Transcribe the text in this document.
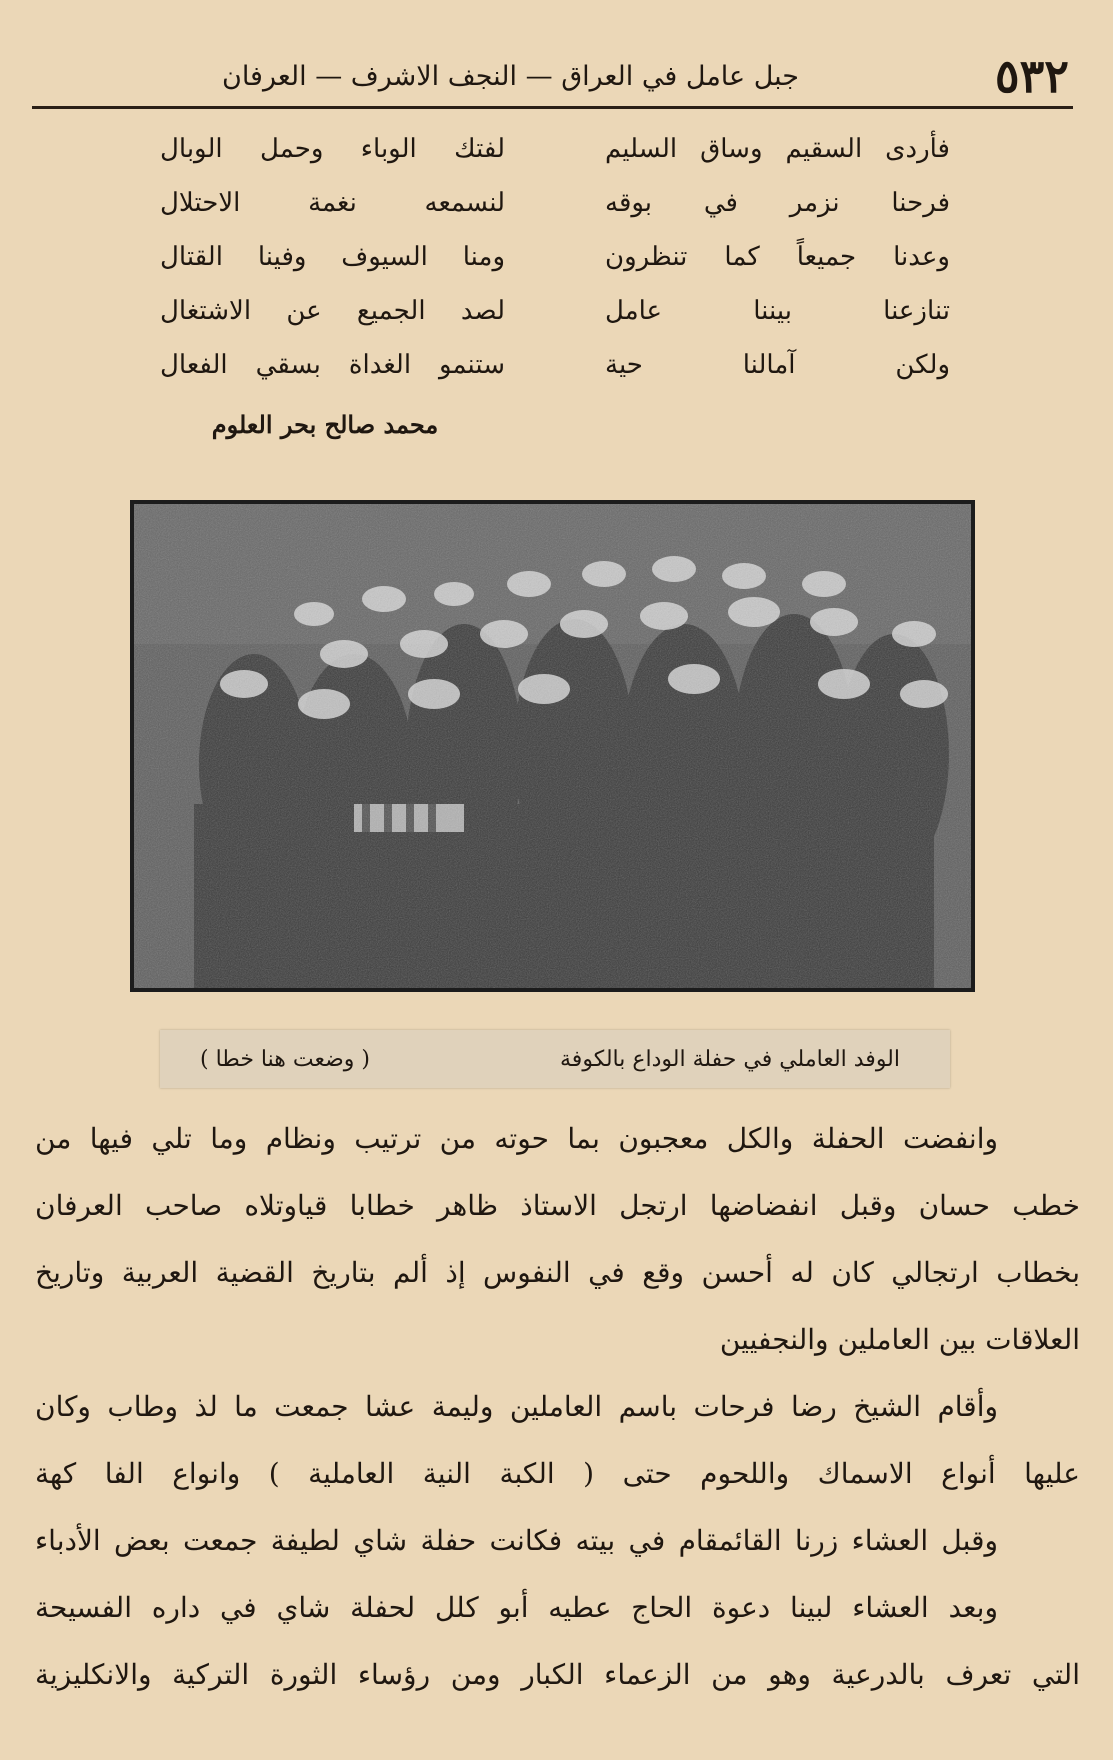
٥٣٢
جبل عامل في العراق — النجف الاشرف — العرفان
فأردى السقيم وساق السليم
لفتك الوباء وحمل الوبال
فرحنا نزمر في بوقه
لنسمعه نغمة الاحتلال
وعدنا جميعاً كما تنظرون
ومنا السيوف وفينا القتال
تنازعنا بيننا عامل
لصد الجميع عن الاشتغال
ولكن آمالنا حية
ستنمو الغداة بسقي الفعال
محمد صالح بحر العلوم
الوفد العاملي في حفلة الوداع بالكوفة
( وضعت هنا خطا )
وانفضت الحفلة والكل معجبون بما حوته من ترتيب ونظام وما تلي فيها من
خطب حسان وقبل انفضاضها ارتجل الاستاذ ظاهر خطابا قياوتلاه صاحب العرفان
بخطاب ارتجالي كان له أحسن وقع في النفوس إذ ألم بتاريخ القضية العربية وتاريخ
العلاقات بين العاملين والنجفيين
وأقام الشيخ رضا فرحات باسم العاملين وليمة عشا جمعت ما لذ وطاب وكان
عليها أنواع الاسماك واللحوم حتى ( الكبة النية العاملية ) وانواع الفا كهة
وقبل العشاء زرنا القائمقام في بيته فكانت حفلة شاي لطيفة جمعت بعض الأدباء
وبعد العشاء لبينا دعوة الحاج عطيه أبو كلل لحفلة شاي في داره الفسيحة
التي تعرف بالدرعية وهو من الزعماء الكبار ومن رؤساء الثورة التركية والانكليزية
